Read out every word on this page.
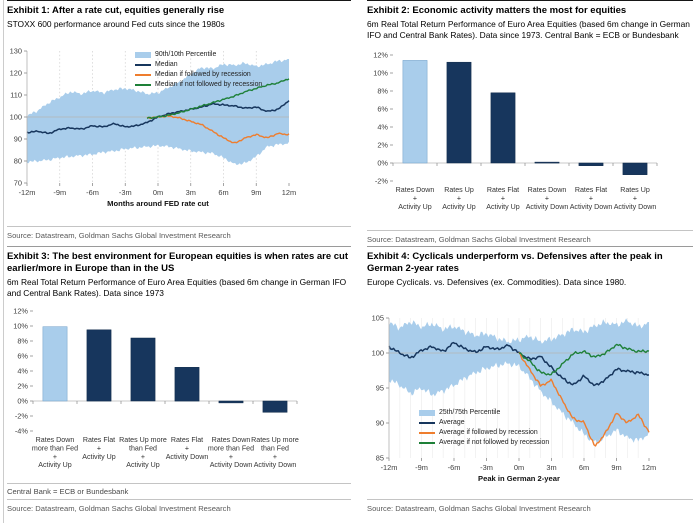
Exhibit 1: After a rate cut, equities generally rise
STOXX 600 performance around Fed cuts since the 1980s
70
80
90
100
110
120
130
-12m -9m	-6m	-3m	0m	3m	6m	9m	12m
Months around FED rate cut
90th/10th Percentile
Median
Median if followed by recession
Median if not followed by recession
Source: Datastream, Goldman Sachs Global Investment Research
Exhibit 2: Economic activity matters the most for equities
6m Real Total Return Performance of Euro Area Equities (based 6m change in German IFO and Central Bank Rates). Data since 1973. Central Bank = ECB or Bundesbank
12%
10%
8%
6%
4%
2%
0%
-2%
Rates Down + Activity Up
Rates Up + Activity Up
Rates Flat + Activity Up
Rates Down + Activity Down
Rates Flat + Activity Down
Rates Up + Activity Down
Source: Datastream, Goldman Sachs Global Investment Research
Exhibit 3: The best environment for European equities is when rates are cut earlier/more in Europe than in the US
6m Real Total Return Performance of Euro Area Equities (based 6m change in German IFO and Central Bank Rates). Data since 1973
12%
10%
8%
6%
4%
2%
0%
-2%
-4%
Rates Down more than Fed + Activity Up
Rates Flat + Activity Up
Rates Up more than Fed + Activity Up
Rates Flat + Activity Down
Rates Down more than Fed + Activity Down
Rates Up more than Fed + Activity Down
Central Bank = ECB or Bundesbank
Source: Datastream, Goldman Sachs Global Investment Research
Exhibit 4: Cyclicals underperform vs. Defensives after the peak in German 2-year rates
Europe Cyclicals. vs. Defensives (ex. Commodities). Data since 1980.
85
90
95
100
105
-12m -9m	-6m	-3m	0m	3m	6m	9m	12m
Peak in German 2-year
25th/75th Percentile
Average
Average if followed by recession
Average if not followed by recession
Source: Datastream, Goldman Sachs Global Investment Research
